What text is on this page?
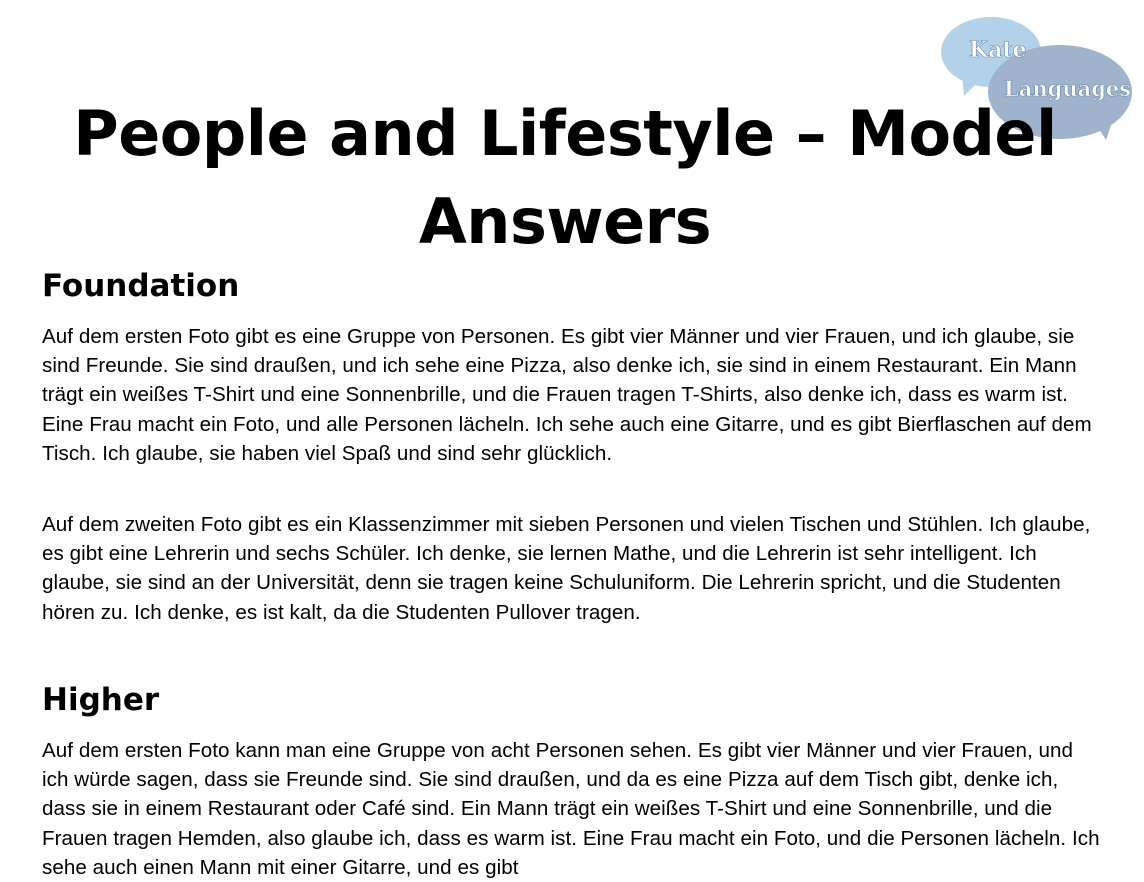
Kate
Languages
People and Lifestyle – Model Answers
Foundation

Auf dem ersten Foto gibt es eine Gruppe von Personen. Es gibt vier Männer und vier Frauen, und ich glaube, sie sind Freunde. Sie sind draußen, und ich sehe eine Pizza, also denke ich, sie sind in einem Restaurant. Ein Mann trägt ein weißes T-Shirt und eine Sonnenbrille, und die Frauen tragen T-Shirts, also denke ich, dass es warm ist. Eine Frau macht ein Foto, und alle Personen lächeln. Ich sehe auch eine Gitarre, und es gibt Bierflaschen auf dem Tisch. Ich glaube, sie haben viel Spaß und sind sehr glücklich.

Auf dem zweiten Foto gibt es ein Klassenzimmer mit sieben Personen und vielen Tischen und Stühlen. Ich glaube, es gibt eine Lehrerin und sechs Schüler. Ich denke, sie lernen Mathe, und die Lehrerin ist sehr intelligent. Ich glaube, sie sind an der Universität, denn sie tragen keine Schuluniform. Die Lehrerin spricht, und die Studenten hören zu. Ich denke, es ist kalt, da die Studenten Pullover tragen.

Higher

Auf dem ersten Foto kann man eine Gruppe von acht Personen sehen. Es gibt vier Männer und vier Frauen, und ich würde sagen, dass sie Freunde sind. Sie sind draußen, und da es eine Pizza auf dem Tisch gibt, denke ich, dass sie in einem Restaurant oder Café sind. Ein Mann trägt ein weißes T-Shirt und eine Sonnenbrille, und die Frauen tragen Hemden, also glaube ich, dass es warm ist. Eine Frau macht ein Foto, und die Personen lächeln. Ich sehe auch einen Mann mit einer Gitarre, und es gibt
